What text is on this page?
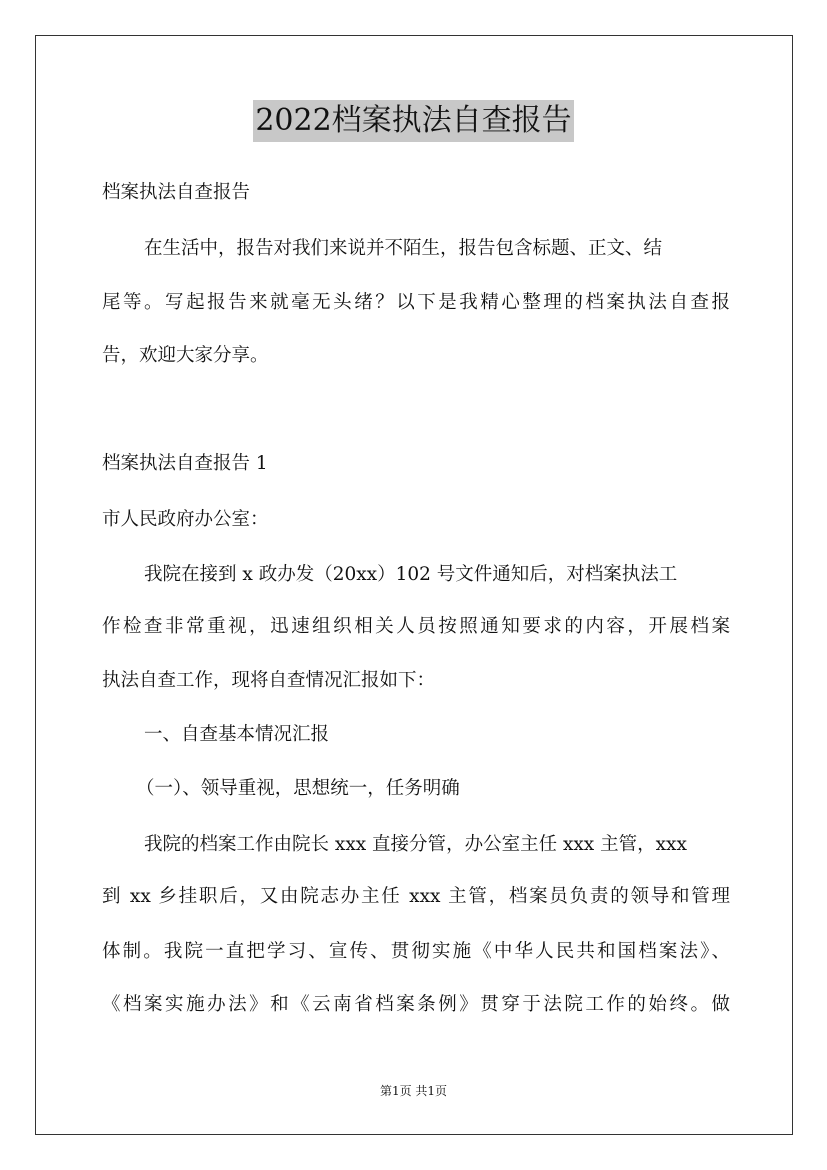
2022档案执法自查报告
档案执法自查报告
在生活中，报告对我们来说并不陌生，报告包含标题、正文、结
尾等。写起报告来就毫无头绪？以下是我精心整理的档案执法自查报
告，欢迎大家分享。
档案执法自查报告 1
市人民政府办公室：
我院在接到 x 政办发（20xx）102 号文件通知后，对档案执法工
作检查非常重视，迅速组织相关人员按照通知要求的内容，开展档案
执法自查工作，现将自查情况汇报如下：
一、自查基本情况汇报
（一）、领导重视，思想统一，任务明确
我院的档案工作由院长 xxx 直接分管，办公室主任 xxx 主管，xxx
到 xx 乡挂职后，又由院志办主任 xxx 主管，档案员负责的领导和管理
体制。我院一直把学习、宣传、贯彻实施《中华人民共和国档案法》、
《档案实施办法》和《云南省档案条例》贯穿于法院工作的始终。做
第1页 共1页
